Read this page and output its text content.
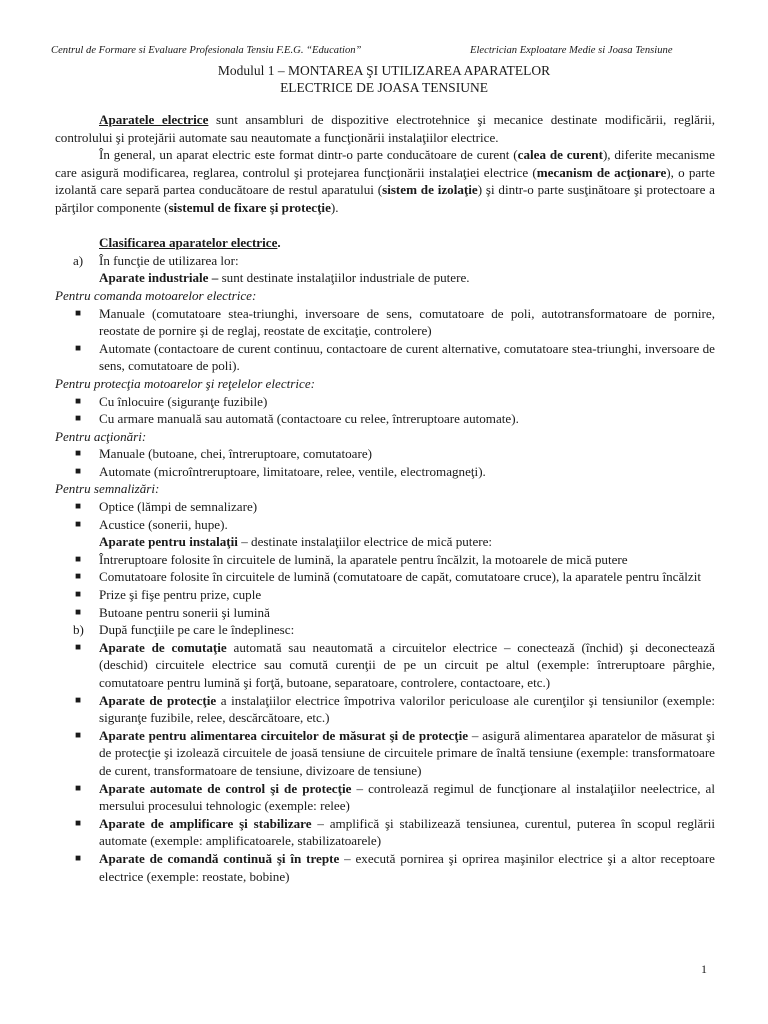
Centrul de Formare si Evaluare Profesionala Tensiu F.E.G. “Education”	Electrician Exploatare Medie si Joasa Tensiune
Modulul 1 – MONTAREA ŞI UTILIZAREA APARATELOR
ELECTRICE DE JOASA TENSIUNE

Aparatele electrice sunt ansambluri de dispozitive electrotehnice şi mecanice destinate modificării, reglării, controlului şi protejării automate sau neautomate a funcţionării instalaţiilor electrice.

În general, un aparat electric este format dintr-o parte conducătoare de curent (calea de curent), diferite mecanisme care asigură modificarea, reglarea, controlul şi protejarea funcţionării instalaţiei electrice (mecanism de acţionare), o parte izolantă care separă partea conducătoare de restul aparatului (sistem de izolaţie) şi dintr-o parte susţinătoare şi protectoare a părţilor componente (sistemul de fixare şi protecţie).

Clasificarea aparatelor electrice.

a) În funcţie de utilizarea lor:

Aparate industriale – sunt destinate instalaţiilor industriale de putere.

Pentru comanda motoarelor electrice:

■ Manuale (comutatoare stea-triunghi, inversoare de sens, comutatoare de poli, autotransformatoare de pornire, reostate de pornire şi de reglaj, reostate de excitaţie, controlere)
■ Automate (contactoare de curent continuu, contactoare de curent alternative, comutatoare stea-triunghi, inversoare de sens, comutatoare de poli).

Pentru protecţia motoarelor şi reţelelor electrice:

■ Cu înlocuire (siguranţe fuzibile)
■ Cu armare manuală sau automată (contactoare cu relee, întreruptoare automate).

Pentru acţionări:

■ Manuale (butoane, chei, întreruptoare, comutatoare)
■ Automate (microîntreruptoare, limitatoare, relee, ventile, electromagneţi).

Pentru semnalizări:

■ Optice (lămpi de semnalizare)
■ Acustice (sonerii, hupe).

Aparate pentru instalaţii – destinate instalaţiilor electrice de mică putere:

■ Întreruptoare folosite în circuitele de lumină, la aparatele pentru încălzit, la motoarele de mică putere
■ Comutatoare folosite în circuitele de lumină (comutatoare de capăt, comutatoare cruce), la aparatele pentru încălzit
■ Prize şi fişe pentru prize, cuple
■ Butoane pentru sonerii şi lumină

b) După funcţiile pe care le îndeplinesc:

■ Aparate de comutaţie automată sau neautomată a circuitelor electrice – conectează (închid) şi deconectează (deschid) circuitele electrice sau comută curenţii de pe un circuit pe altul (exemple: întreruptoare pârghie, comutatoare pentru lumină şi forţă, butoane, separatoare, controlere, contactoare, etc.)
■ Aparate de protecţie a instalaţiilor electrice împotriva valorilor periculoase ale curenţilor şi tensiunilor (exemple: siguranţe fuzibile, relee, descărcătoare, etc.)
■ Aparate pentru alimentarea circuitelor de măsurat şi de protecţie – asigură alimentarea aparatelor de măsurat şi de protecţie şi izolează circuitele de joasă tensiune de circuitele primare de înaltă tensiune (exemple: transformatoare de curent, transformatoare de tensiune, divizoare de tensiune)
■ Aparate automate de control şi de protecţie – controlează regimul de funcţionare al instalaţiilor neelectrice, al mersului procesului tehnologic (exemple: relee)
■ Aparate de amplificare şi stabilizare – amplifică şi stabilizează tensiunea, curentul, puterea în scopul reglării automate (exemple: amplificatoarele, stabilizatoarele)
■ Aparate de comandă continuă şi în trepte – execută pornirea şi oprirea maşinilor electrice şi a altor receptoare electrice (exemple: reostate, bobine)
1
